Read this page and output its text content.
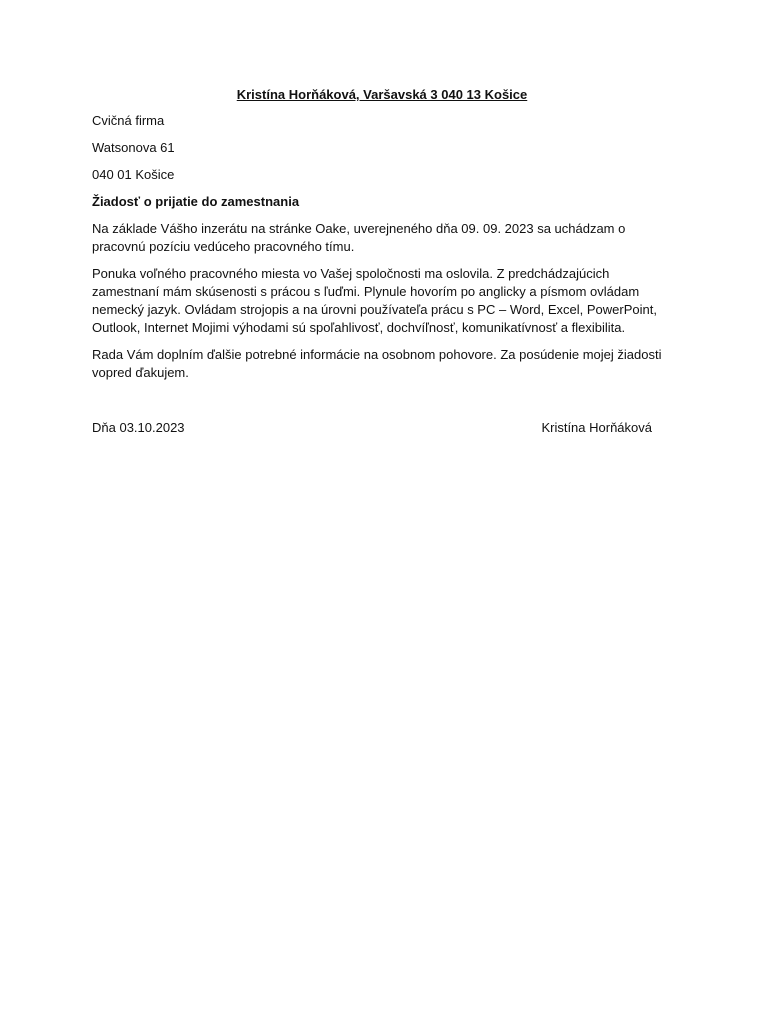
Kristína Horňáková, Varšavská 3 040 13 Košice

Cvičná firma

Watsonova 61

040 01 Košice

Žiadosť o prijatie do zamestnania

Na základe Vášho inzerátu na stránke Oake, uverejneného dňa 09. 09. 2023 sa uchádzam o pracovnú pozíciu vedúceho pracovného tímu.

Ponuka voľného pracovného miesta vo Vašej spoločnosti ma oslovila. Z predchádzajúcich zamestnaní mám skúsenosti s prácou s ľuďmi. Plynule hovorím po anglicky a písmom ovládam nemecký jazyk. Ovládam strojopis a na úrovni používateľa prácu s PC – Word, Excel, PowerPoint, Outlook, Internet Mojimi výhodami sú spoľahlivosť, dochvíľnosť, komunikatívnosť a flexibilita.

Rada Vám doplním ďalšie potrebné informácie na osobnom pohovore. Za posúdenie mojej žiadosti vopred ďakujem.

Dňa 03.10.2023	Kristína Horňáková
